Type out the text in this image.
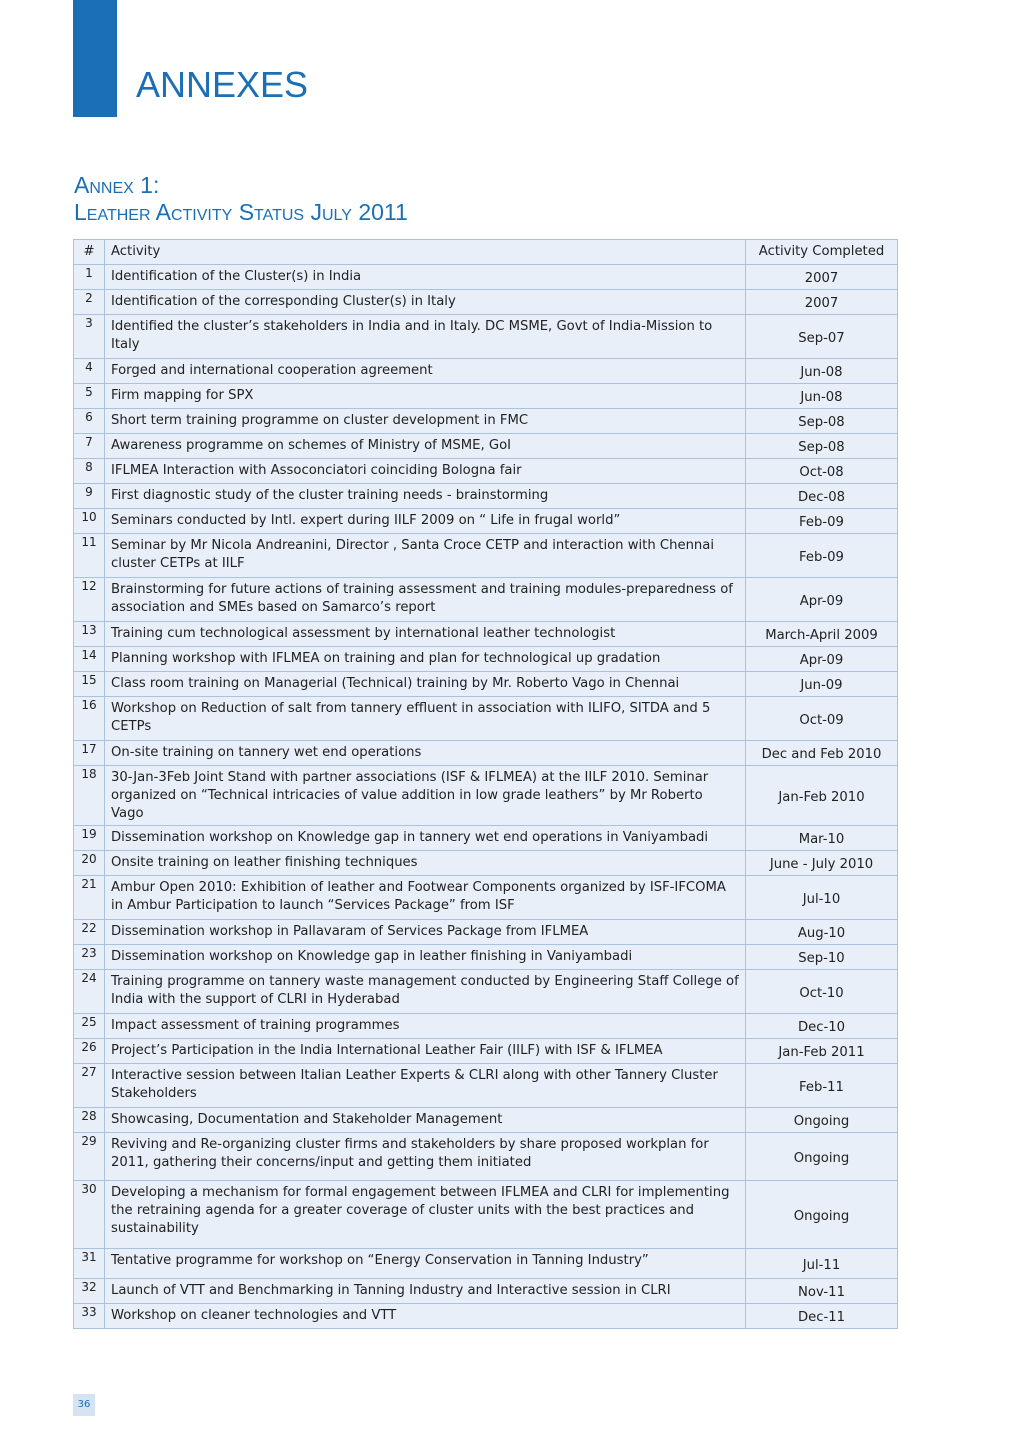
ANNEXES
Annex 1:
Leather Activity Status July 2011
#	Activity	Activity Completed
1	Identification of the Cluster(s) in India	2007
2	Identification of the corresponding Cluster(s) in Italy	2007
3	Identified the cluster’s stakeholders in India and in Italy. DC MSME, Govt of India-Mission to Italy	Sep-07
4	Forged and international cooperation agreement	Jun-08
5	Firm mapping for SPX	Jun-08
6	Short term training programme on cluster development in FMC	Sep-08
7	Awareness programme on schemes of Ministry of MSME, GoI	Sep-08
8	IFLMEA Interaction with Assoconciatori coinciding Bologna fair	Oct-08
9	First diagnostic study of the cluster training needs - brainstorming	Dec-08
10	Seminars conducted by Intl. expert during IILF 2009 on “ Life in frugal world”	Feb-09
11	Seminar by Mr Nicola Andreanini, Director , Santa Croce CETP and interaction with Chennai cluster CETPs at IILF	Feb-09
12	Brainstorming for future actions of training assessment and training modules-preparedness of association and SMEs based on Samarco’s report	Apr-09
13	Training cum technological assessment by international leather technologist	March-April 2009
14	Planning workshop with IFLMEA on training and plan for technological up gradation	Apr-09
15	Class room training on Managerial (Technical) training by Mr. Roberto Vago in Chennai	Jun-09
16	Workshop on Reduction of salt from tannery effluent in association with ILIFO, SITDA and 5 CETPs	Oct-09
17	On-site training on tannery wet end operations	Dec and Feb 2010
18	30-Jan-3Feb Joint Stand with partner associations (ISF & IFLMEA) at the IILF 2010. Seminar organized on “Technical intricacies of value addition in low grade leathers” by Mr Roberto Vago	Jan-Feb 2010
19	Dissemination workshop on Knowledge gap in tannery wet end operations in Vaniyambadi	Mar-10
20	Onsite training on leather finishing techniques	June - July 2010
21	Ambur Open 2010: Exhibition of leather and Footwear Components organized by ISF-IFCOMA in Ambur Participation to launch “Services Package” from ISF	Jul-10
22	Dissemination workshop in Pallavaram of Services Package from IFLMEA	Aug-10
23	Dissemination workshop on Knowledge gap in leather finishing in Vaniyambadi	Sep-10
24	Training programme on tannery waste management conducted by Engineering Staff College of India with the support of CLRI in Hyderabad	Oct-10
25	Impact assessment of training programmes	Dec-10
26	Project’s Participation in the India International Leather Fair (IILF) with ISF & IFLMEA	Jan-Feb 2011
27	Interactive session between Italian Leather Experts & CLRI along with other Tannery Cluster Stakeholders	Feb-11
28	Showcasing, Documentation and Stakeholder Management	Ongoing
29	Reviving and Re-organizing cluster firms and stakeholders by share proposed workplan for 2011, gathering their concerns/input and getting them initiated	Ongoing
30	Developing a mechanism for formal engagement between IFLMEA and CLRI for implementing the retraining agenda for a greater coverage of cluster units with the best practices and sustainability	Ongoing
31	Tentative programme for workshop on “Energy Conservation in Tanning Industry”	Jul-11
32	Launch of VTT and Benchmarking in Tanning Industry and Interactive session in CLRI	Nov-11
33	Workshop on cleaner technologies and VTT	Dec-11
36
